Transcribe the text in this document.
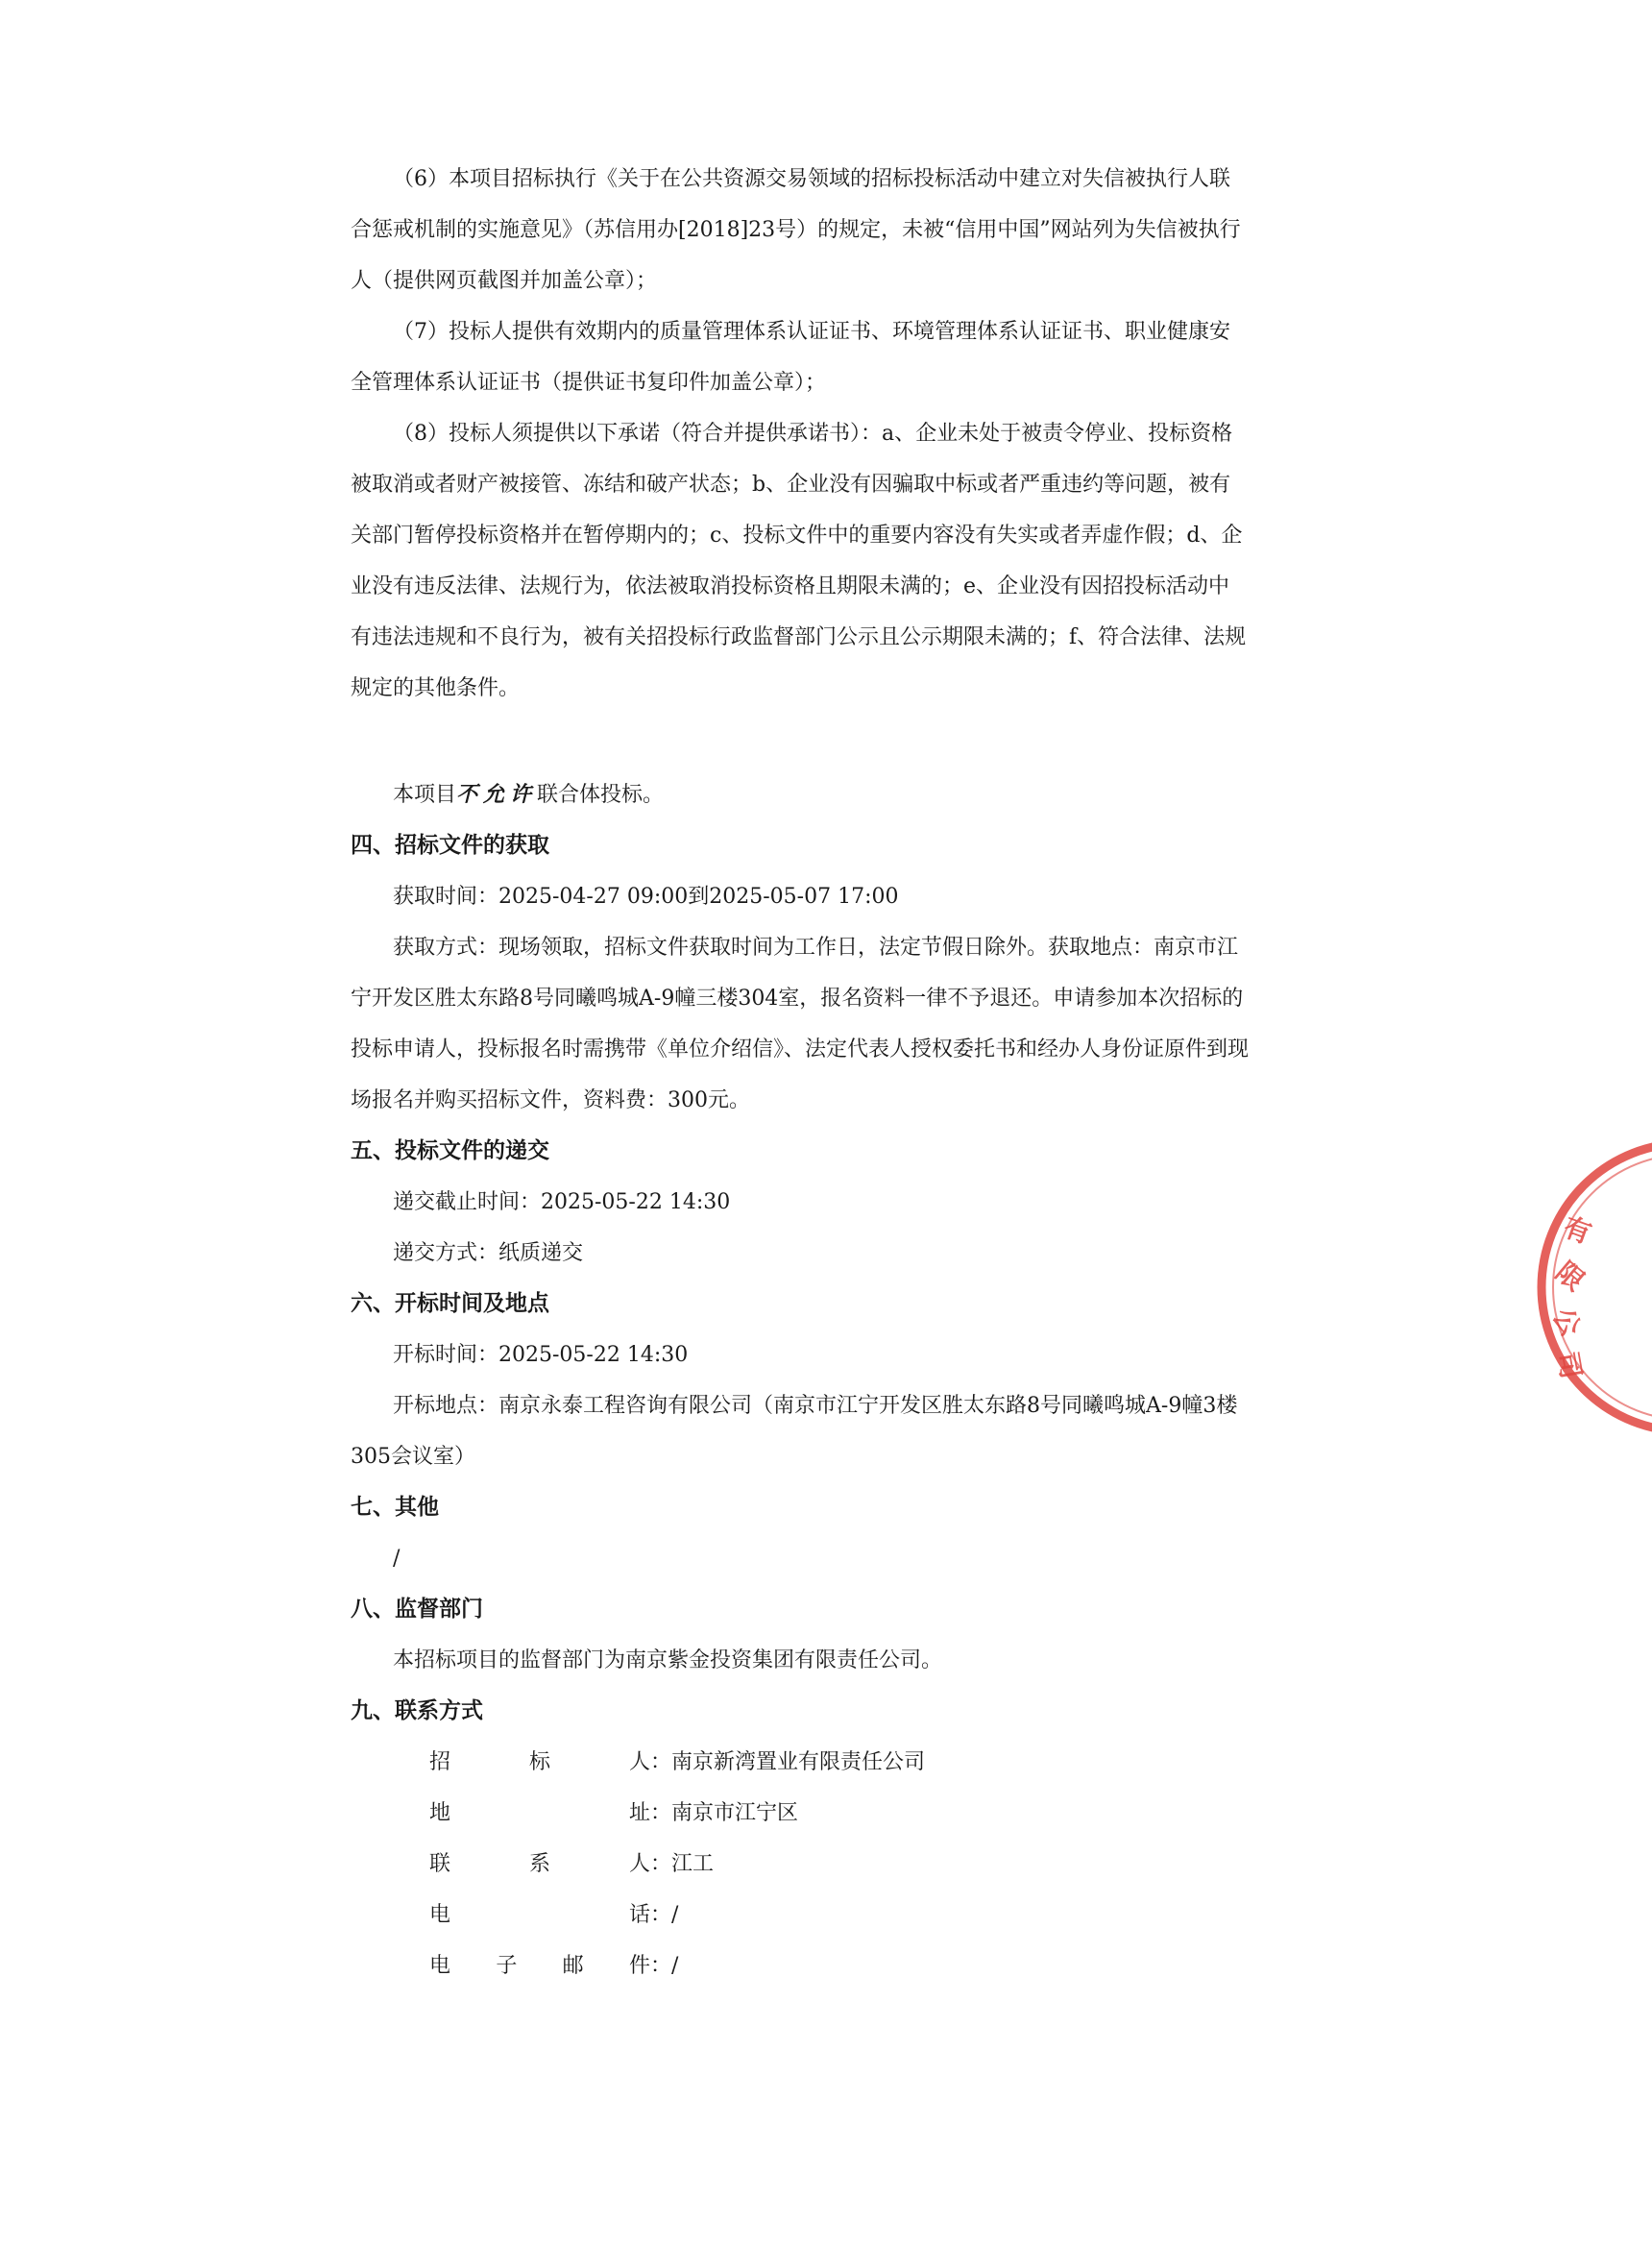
（6）本项目招标执行《关于在公共资源交易领域的招标投标活动中建立对失信被执行人联合惩戒机制的实施意见》（苏信用办[2018]23号）的规定，未被“信用中国”网站列为失信被执行人（提供网页截图并加盖公章）；

（7）投标人提供有效期内的质量管理体系认证证书、环境管理体系认证证书、职业健康安全管理体系认证证书（提供证书复印件加盖公章）；

（8）投标人须提供以下承诺（符合并提供承诺书）：a、企业未处于被责令停业、投标资格被取消或者财产被接管、冻结和破产状态；b、企业没有因骗取中标或者严重违约等问题，被有关部门暂停投标资格并在暂停期内的；c、投标文件中的重要内容没有失实或者弄虚作假；d、企业没有违反法律、法规行为，依法被取消投标资格且期限未满的；e、企业没有因招投标活动中有违法违规和不良行为，被有关招投标行政监督部门公示且公示期限未满的；f、符合法律、法规规定的其他条件。

本项目不允许联合体投标。

四、招标文件的获取

获取时间：2025-04-27 09:00到2025-05-07 17:00

获取方式：现场领取，招标文件获取时间为工作日，法定节假日除外。获取地点：南京市江宁开发区胜太东路8号同曦鸣城A-9幢三楼304室，报名资料一律不予退还。申请参加本次招标的投标申请人，投标报名时需携带《单位介绍信》、法定代表人授权委托书和经办人身份证原件到现场报名并购买招标文件，资料费：300元。

五、投标文件的递交

递交截止时间：2025-05-22 14:30

递交方式：纸质递交

六、开标时间及地点

开标时间：2025-05-22 14:30

开标地点：南京永泰工程咨询有限公司（南京市江宁开发区胜太东路8号同曦鸣城A-9幢3楼305会议室）

七、其他

/

八、监督部门

本招标项目的监督部门为南京紫金投资集团有限责任公司。

九、联系方式

招	标	人 ： 南京新湾置业有限责任公司
地	址 ： 南京市江宁区
联	系	人 ： 江工
电	话 ： /
电 子 邮 件 ： /
有
限
公
司
